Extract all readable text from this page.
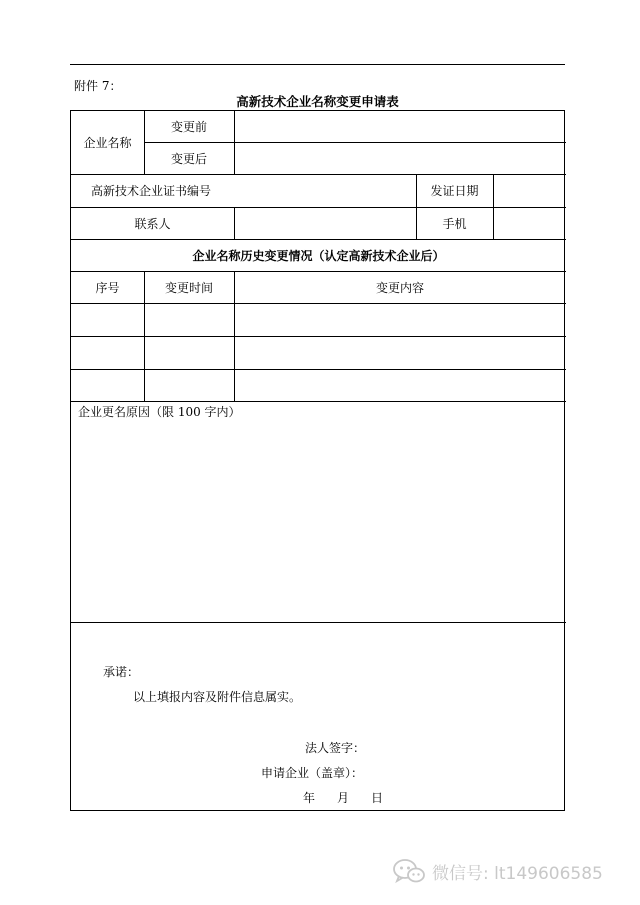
附件 7：
高新技术企业名称变更申请表
企业名称
变更前
变更后
高新技术企业证书编号	发证日期
联系人	手机
企业名称历史变更情况（认定高新技术企业后）
序号	变更时间	变更内容
企业更名原因（限 100 字内）
承诺：
以上填报内容及附件信息属实。
法人签字：
申请企业（盖章）：
年 月 日
微信号: lt149606585
